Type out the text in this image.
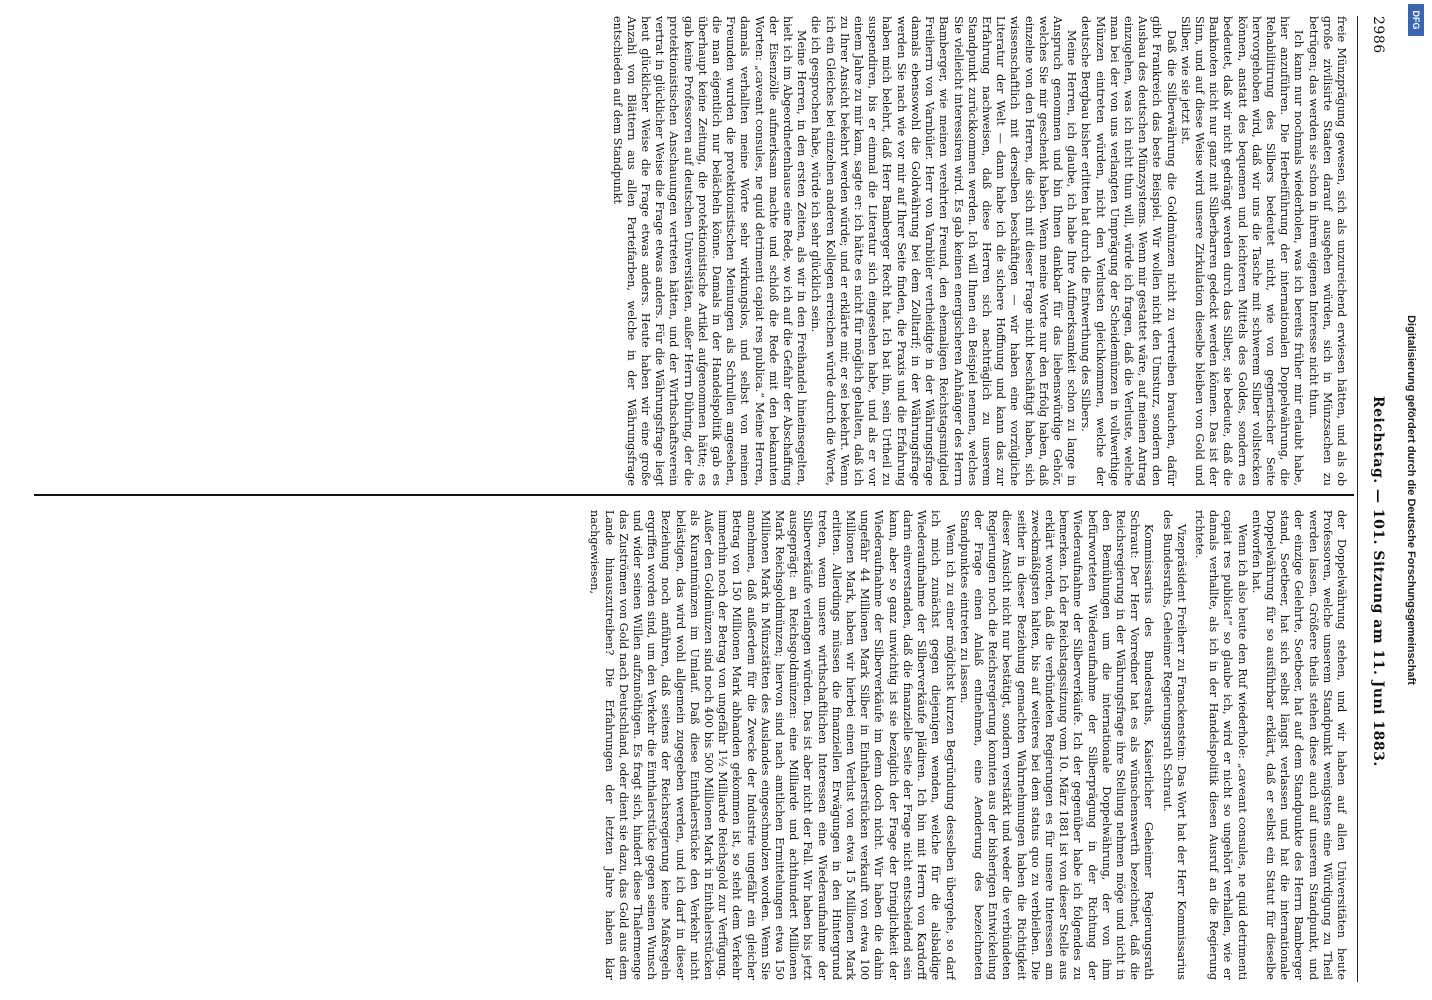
2986
Reichstag. — 101. Sitzung am 11. Juni 1883.

freie Münzprägung gewesen, sich als unzureichend erwiesen hätten, und als ob große zivilisirte Staaten darauf ausgehen würden, sich in Münzsachen zu betrügen; das werden sie schon in ihrem eigenen Interesse nicht thun.

Ich kann nur nochmals wiederholen, was ich bereits früher mir erlaubt habe, hier anzuführen. Die Herbeiführung der internationalen Doppelwährung, die Rehabilitirung des Silbers bedeutet nicht, wie von gegnerischer Seite hervorgehoben wird, daß wir uns die Tasche mit schwerem Silber vollstecken können, anstatt des bequemen und leichteren Mittels des Goldes, sondern es bedeutet, daß wir nicht gedrängt werden durch das Silber, sie bedeute, daß die Banknoten nicht nur ganz mit Silberbarren gedeckt werden können. Das ist der Sinn, und auf diese Weise wird unsere Zirkulation dieselbe bleiben von Gold und Silber, wie sie jetzt ist.

Daß die Silberwährung die Goldmünzen nicht zu vertreiben brauchen, dafür gibt Frankreich das beste Beispiel. Wir wollen nicht den Umsturz, sondern den Ausbau des deutschen Münzsystems. Wenn mir gestattet wäre, auf meinen Antrag einzugehen, was ich nicht thun will, würde ich fragen, daß die Verluste, welche man bei der von uns verlangten Umprägung der Scheidemünzen in vollwerthige Münzen eintreten würden, nicht den Verlusten gleichkommen, welche der deutsche Bergbau bisher erlitten hat durch die Entwerthung des Silbers.

Meine Herren, ich glaube, ich habe Ihre Aufmerksamkeit schon zu lange in Anspruch genommen und bin Ihnen dankbar für das liebenswürdige Gehör, welches Sie mir geschenkt haben. Wenn meine Worte nur den Erfolg haben, daß einzelne von den Herren, die sich mit dieser Frage nicht beschäftigt haben, sich wissenschaftlich mit derselben beschäftigen — wir haben eine vorzügliche Literatur der Welt — dann habe ich die sichere Hoffnung und kann das zur Erfahrung nachweisen, daß diese Herren sich nachträglich zu unserem Standpunkt zurückkommen werden. Ich will Ihnen ein Beispiel nennen, welches Sie vielleicht interessiren wird. Es gab keinen energischeren Anhänger des Herrn Bamberger, wie meinen verehrten Freund, den ehemaligen Reichstagsmitglied Freiherrn von Varnbüler. Herr von Varnbüler vertheidigte in der Währungsfrage damals ebensowohl die Goldwährung bei dem Zolltarif; in der Währungsfrage werden Sie nach wie vor mir auf Ihrer Seite finden, die Praxis und die Erfahrung haben mich belehrt, daß Herr Bamberger Recht hat. Ich bat ihn, sein Urtheil zu suspendiren, bis er einmal die Literatur sich eingesehen habe, und als er vor einem Jahre zu mir kam, sagte er: ich hätte es nicht für möglich gehalten, daß ich zu Ihrer Ansicht bekehrt werden würde; und er erklärte mir, er sei bekehrt. Wenn ich ein Gleiches bei einzelnen anderen Kollegen erreichen würde durch die Worte, die ich gesprochen habe, würde ich sehr glücklich sein.

Meine Herren, in den ersten Zeiten, als wir in den Freihandel hineinsegelten, hielt ich im Abgeordnetenhause eine Rede, wo ich auf die Gefahr der Abschaffung der Eisenzölle aufmerksam machte und schloß die Rede mit den bekannten Worten: „caveant consules, ne quid detrimenti capiat res publica.“ Meine Herren, damals verhallten meine Worte sehr wirkungslos, und selbst von meinen Freunden wurden die protektionistischen Meinungen als Schrullen angesehen, die man eigentlich nur belächeln könne. Damals in der Handelspolitik gab es überhaupt keine Zeitung, die protektionistische Artikel aufgenommen hätte; es gab keine Professoren auf deutschen Universitäten, außer Herrn Dühring, der die protektionistischen Anschauungen vertreten hätten, und der Wirthschaftsverein vertrat in glücklicher Weise die Frage etwas anders. Für die Währungsfrage liegt heut glücklicher Weise die Frage etwas anders. Heute haben wir eine große Anzahl von Blättern aus allen Parteifarben, welche in der Währungsfrage entschieden auf dem Standpunkt

der Doppelwährung stehen, und wir haben auf allen Universitäten heute Professoren, welche unserem Standpunkt wenigstens eine Würdigung zu Theil werden lassen. Größere theils stehen diese auch auf unserem Standpunkt, und der einzige Gelehrte, Soetbeer, hat auf dem Standpunkte des Herrn Bamberger stand, Soetbeer, hat sich selbst längst verlassen und hat die internationale Doppelwährung für so ausführbar erklärt, daß er selbst ein Statut für dieselbe entworfen hat.

Wenn ich also heute den Ruf wiederhole: „caveant consules, ne quid detrimenti capiat res publica!“ so glaube ich, wird er nicht so ungehört verhallen, wie er damals verhallte, als ich in der Handelspolitik diesen Ausruf an die Regierung richtete.

Vizepräsident Freiherr zu Franckenstein: Das Wort hat der Herr Kommissarius des Bundesraths, Geheimer Regierungsrath Schraut.

Kommissarius des Bundesraths, Kaiserlicher Geheimer Regierungsrath Schraut: Der Herr Vorredner hat es als wünschenswerth bezeichnet, daß die Reichsregierung in der Währungsfrage ihre Stellung nehmen möge und nicht in den Bemühungen um die internationale Doppelwährung, der von ihm befürworteten Wiederaufnahme der Silberprägung in der Richtung der Wiederaufnahme der Silberverkäufe. Ich der gegenüber habe ich folgendes zu bemerken. Ich der Reichstagssitzung vom 10. März 1881 ist von dieser Stelle aus erklärt worden, daß die verbündeten Regierungen es für unsere Interessen am zweckmäßigsten halten, bis auf weiteres bei dem status quo zu verbleiben. Die seither in dieser Beziehung gemachten Wahrnehmungen haben die Richtigkeit dieser Ansicht nicht nur bestätigt, sondern verstärkt und weder die verbündeten Regierungen noch die Reichsregierung konnten aus der bisherigen Entwickelung der Frage einen Anlaß entnehmen, eine Aenderung des bezeichneten Standpunktes eintreten zu lassen.

Wenn ich zu einer möglichst kurzen Begründung desselben übergehe, so darf ich mich zunächst gegen diejenigen wenden, welche für die alsbaldige Wiederaufnahme der Silberverkäufe plädiren. Ich bin mit Herrn von Kardorff darin einverstanden, daß die finanzielle Seite der Frage nicht entscheidend sein kann, aber so ganz unwichtig ist sie bezüglich der Frage der Dringlichkeit der Wiederaufnahme der Silberverkäufe im denn doch nicht. Wir haben die dahin ungefähr 44 Millionen Mark Silber in Einthalerstücken verkauft von etwa 100 Millionen Mark, haben wir hierbei einen Verlust von etwa 15 Millionen Mark erlitten. Allerdings müssen die finanziellen Erwägungen in den Hintergrund treten, wenn unsere wirthschaftlichen Interessen eine Wiederaufnahme der Silberverkäufe verlangen würden. Das ist aber nicht der Fall. Wir haben bis jetzt ausgeprägt: an Reichsgoldmünzen: eine Milliarde und achthundert Millionen Mark Reichsgoldmünzen; hiervon sind nach amtlichen Ermittelungen etwa 150 Millionen Mark in Münzstätten des Auslandes eingeschmolzen worden. Wenn Sie annehmen, daß außerdem für die Zwecke der Industrie ungefähr ein gleicher Betrag von 150 Millionen Mark abhanden gekommen ist, so steht dem Verkehr immerhin noch der Betrag von ungefähr 1½ Milliarde Reichsgold zur Verfügung. Außer den Goldmünzen sind noch 400 bis 500 Millionen Mark in Einthalerstücken als Kurantmünzen im Umlauf. Daß diese Einthalerstücke den Verkehr nicht belästigen, das wird wohl allgemein zugegeben werden, und ich darf in dieser Beziehung noch anführen, daß seitens der Reichsregierung keine Maßregeln ergriffen worden sind, um den Verkehr die Einthalerstücke gegen seinen Wunsch und wider seinen Willen aufzunöthigen. Es fragt sich, hindert diese Thalermenge das Zuströmen von Gold nach Deutschland, oder dient sie dazu, das Gold aus dem Lande hinauszutreiben? Die Erfahrungen der letzten Jahre haben klar nachgewiesen,	Digitalisierung gefördert durch die Deutsche Forschungsgemeinschaft
DFG
